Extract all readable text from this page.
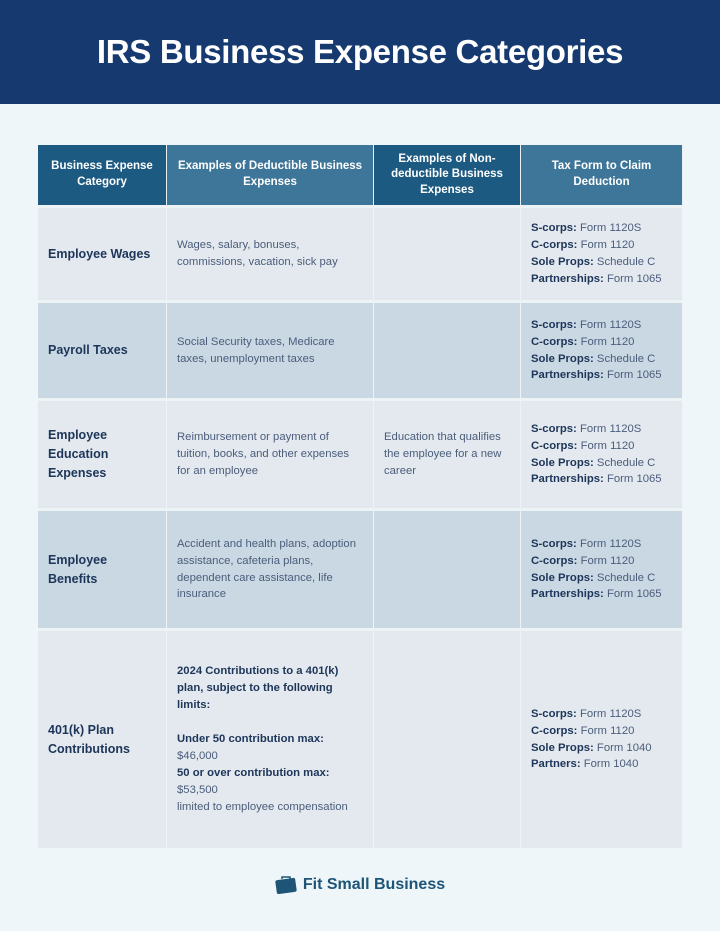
IRS Business Expense Categories
Business Expense Category
Examples of Deductible Business Expenses
Examples of Non-deductible Business Expenses
Tax Form to Claim Deduction
Employee Wages
Wages, salary, bonuses, commissions, vacation, sick pay
S-corps: Form 1120S
C-corps: Form 1120
Sole Props: Schedule C
Partnerships: Form 1065
Payroll Taxes
Social Security taxes, Medicare taxes, unemployment taxes
S-corps: Form 1120S
C-corps: Form 1120
Sole Props: Schedule C
Partnerships: Form 1065
Employee Education Expenses
Reimbursement or payment of tuition, books, and other expenses for an employee
Education that qualifies the employee for a new career
S-corps: Form 1120S
C-corps: Form 1120
Sole Props: Schedule C
Partnerships: Form 1065
Employee Benefits
Accident and health plans, adoption assistance, cafeteria plans, dependent care assistance, life insurance
S-corps: Form 1120S
C-corps: Form 1120
Sole Props: Schedule C
Partnerships: Form 1065
401(k) Plan Contributions
2024 Contributions to a 401(k) plan, subject to the following limits:

Under 50 contribution max:
$46,000
50 or over contribution max:
$53,500
limited to employee compensation
S-corps: Form 1120S
C-corps: Form 1120
Sole Props: Form 1040
Partners: Form 1040
Fit Small Business
